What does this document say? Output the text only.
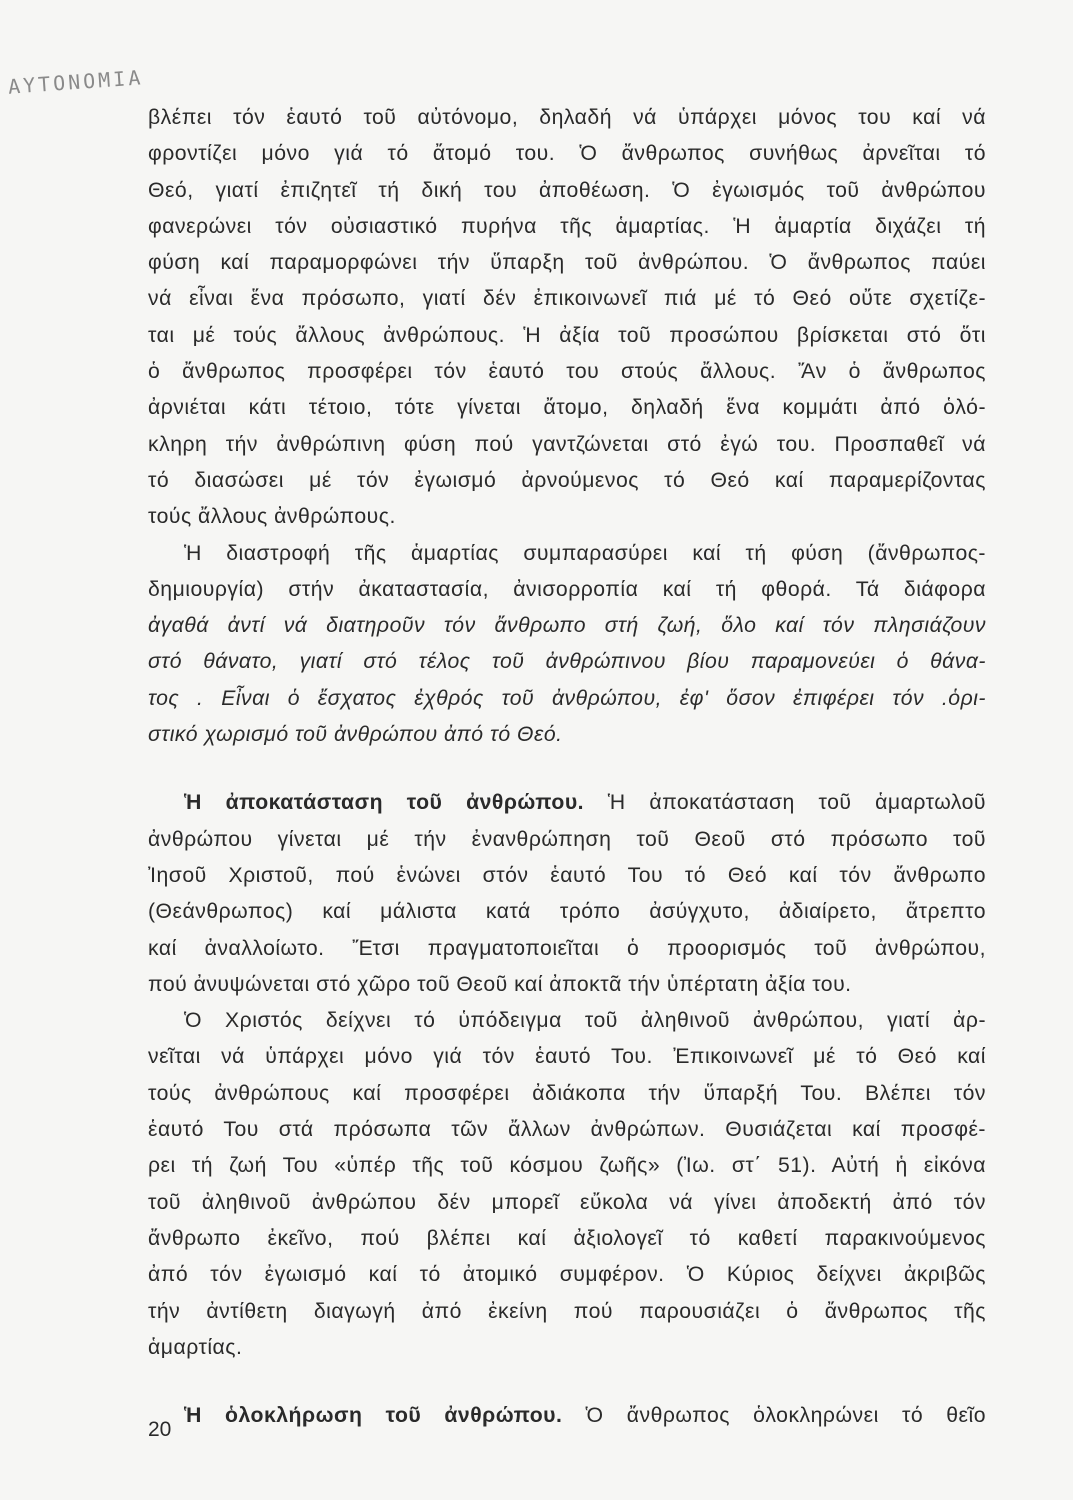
ΑΥΤΟΝΟΜΙΑ
βλέπει τόν ἑαυτό τοῦ αὐτόνομο, δηλαδή νά ὑπάρχει μόνος του καί νά
φροντίζει μόνο γιά τό ἄτομό του. Ὁ ἄνθρωπος συνήθως ἀρνεῖται τό
Θεό, γιατί ἐπιζητεῖ τή δική του ἀποθέωση. Ὁ ἐγωισμός τοῦ ἀνθρώπου
φανερώνει τόν οὐσιαστικό πυρήνα τῆς ἁμαρτίας. Ἡ ἁμαρτία διχάζει τή
φύση καί παραμορφώνει τήν ὕπαρξη τοῦ ἀνθρώπου. Ὁ ἄνθρωπος παύει
νά εἶναι ἕνα πρόσωπο, γιατί δέν ἐπικοινωνεῖ πιά μέ τό Θεό οὔτε σχετίζε-
ται μέ τούς ἄλλους ἀνθρώπους. Ἡ ἀξία τοῦ προσώπου βρίσκεται στό ὅτι
ὁ ἄνθρωπος προσφέρει τόν ἑαυτό του στούς ἄλλους. Ἄν ὁ ἄνθρωπος
ἀρνιέται κάτι τέτοιο, τότε γίνεται ἄτομο, δηλαδή ἕνα κομμάτι ἀπό ὁλό-
κληρη τήν ἀνθρώπινη φύση πού γαντζώνεται στό ἐγώ του. Προσπαθεῖ νά
τό διασώσει μέ τόν ἐγωισμό ἀρνούμενος τό Θεό καί παραμερίζοντας
τούς ἄλλους ἀνθρώπους.
Ἡ διαστροφή τῆς ἁμαρτίας συμπαρασύρει καί τή φύση (ἄνθρωπος-
δημιουργία) στήν ἀκαταστασία, ἀνισορροπία καί τή φθορά. Τά διάφορα
ἀγαθά ἀντί νά διατηροῦν τόν ἄνθρωπο στή ζωή, ὅλο καί τόν πλησιάζουν
στό θάνατο, γιατί στό τέλος τοῦ ἀνθρώπινου βίου παραμονεύει ὁ θάνα-
τος . Εἶναι ὁ ἔσχατος ἐχθρός τοῦ ἀνθρώπου, ἐφ' ὅσον ἐπιφέρει τόν .ὁρι-
στικό χωρισμό τοῦ ἀνθρώπου ἀπό τό Θεό.
Ἡ ἀποκατάσταση τοῦ ἀνθρώπου. Ἡ ἀποκατάσταση τοῦ ἁμαρτωλοῦ
ἀνθρώπου γίνεται μέ τήν ἐνανθρώπηση τοῦ Θεοῦ στό πρόσωπο τοῦ
Ἰησοῦ Χριστοῦ, πού ἑνώνει στόν ἑαυτό Του τό Θεό καί τόν ἄνθρωπο
(Θεάνθρωπος) καί μάλιστα κατά τρόπο ἀσύγχυτο, ἀδιαίρετο, ἄτρεπτο
καί ἀναλλοίωτο. Ἔτσι πραγματοποιεῖται ὁ προορισμός τοῦ ἀνθρώπου,
πού ἀνυψώνεται στό χῶρο τοῦ Θεοῦ καί ἀποκτᾶ τήν ὑπέρτατη ἀξία του.
Ὁ Χριστός δείχνει τό ὑπόδειγμα τοῦ ἀληθινοῦ ἀνθρώπου, γιατί ἀρ-
νεῖται νά ὑπάρχει μόνο γιά τόν ἑαυτό Του. Ἐπικοινωνεῖ μέ τό Θεό καί
τούς ἀνθρώπους καί προσφέρει ἀδιάκοπα τήν ὕπαρξή Του. Βλέπει τόν
ἑαυτό Του στά πρόσωπα τῶν ἄλλων ἀνθρώπων. Θυσιάζεται καί προσφέ-
ρει τή ζωή Του «ὑπέρ τῆς τοῦ κόσμου ζωῆς» (Ἰω. στ΄ 51). Αὐτή ἡ εἰκόνα
τοῦ ἀληθινοῦ ἀνθρώπου δέν μπορεῖ εὔκολα νά γίνει ἀποδεκτή ἀπό τόν
ἄνθρωπο ἐκεῖνο, πού βλέπει καί ἀξιολογεῖ τό καθετί παρακινούμενος
ἀπό τόν ἐγωισμό καί τό ἀτομικό συμφέρον. Ὁ Κύριος δείχνει ἀκριβῶς
τήν ἀντίθετη διαγωγή ἀπό ἐκείνη πού παρουσιάζει ὁ ἄνθρωπος τῆς
ἁμαρτίας.
Ἡ ὁλοκλήρωση τοῦ ἀνθρώπου. Ὁ ἄνθρωπος ὁλοκληρώνει τό θεῖο
20
